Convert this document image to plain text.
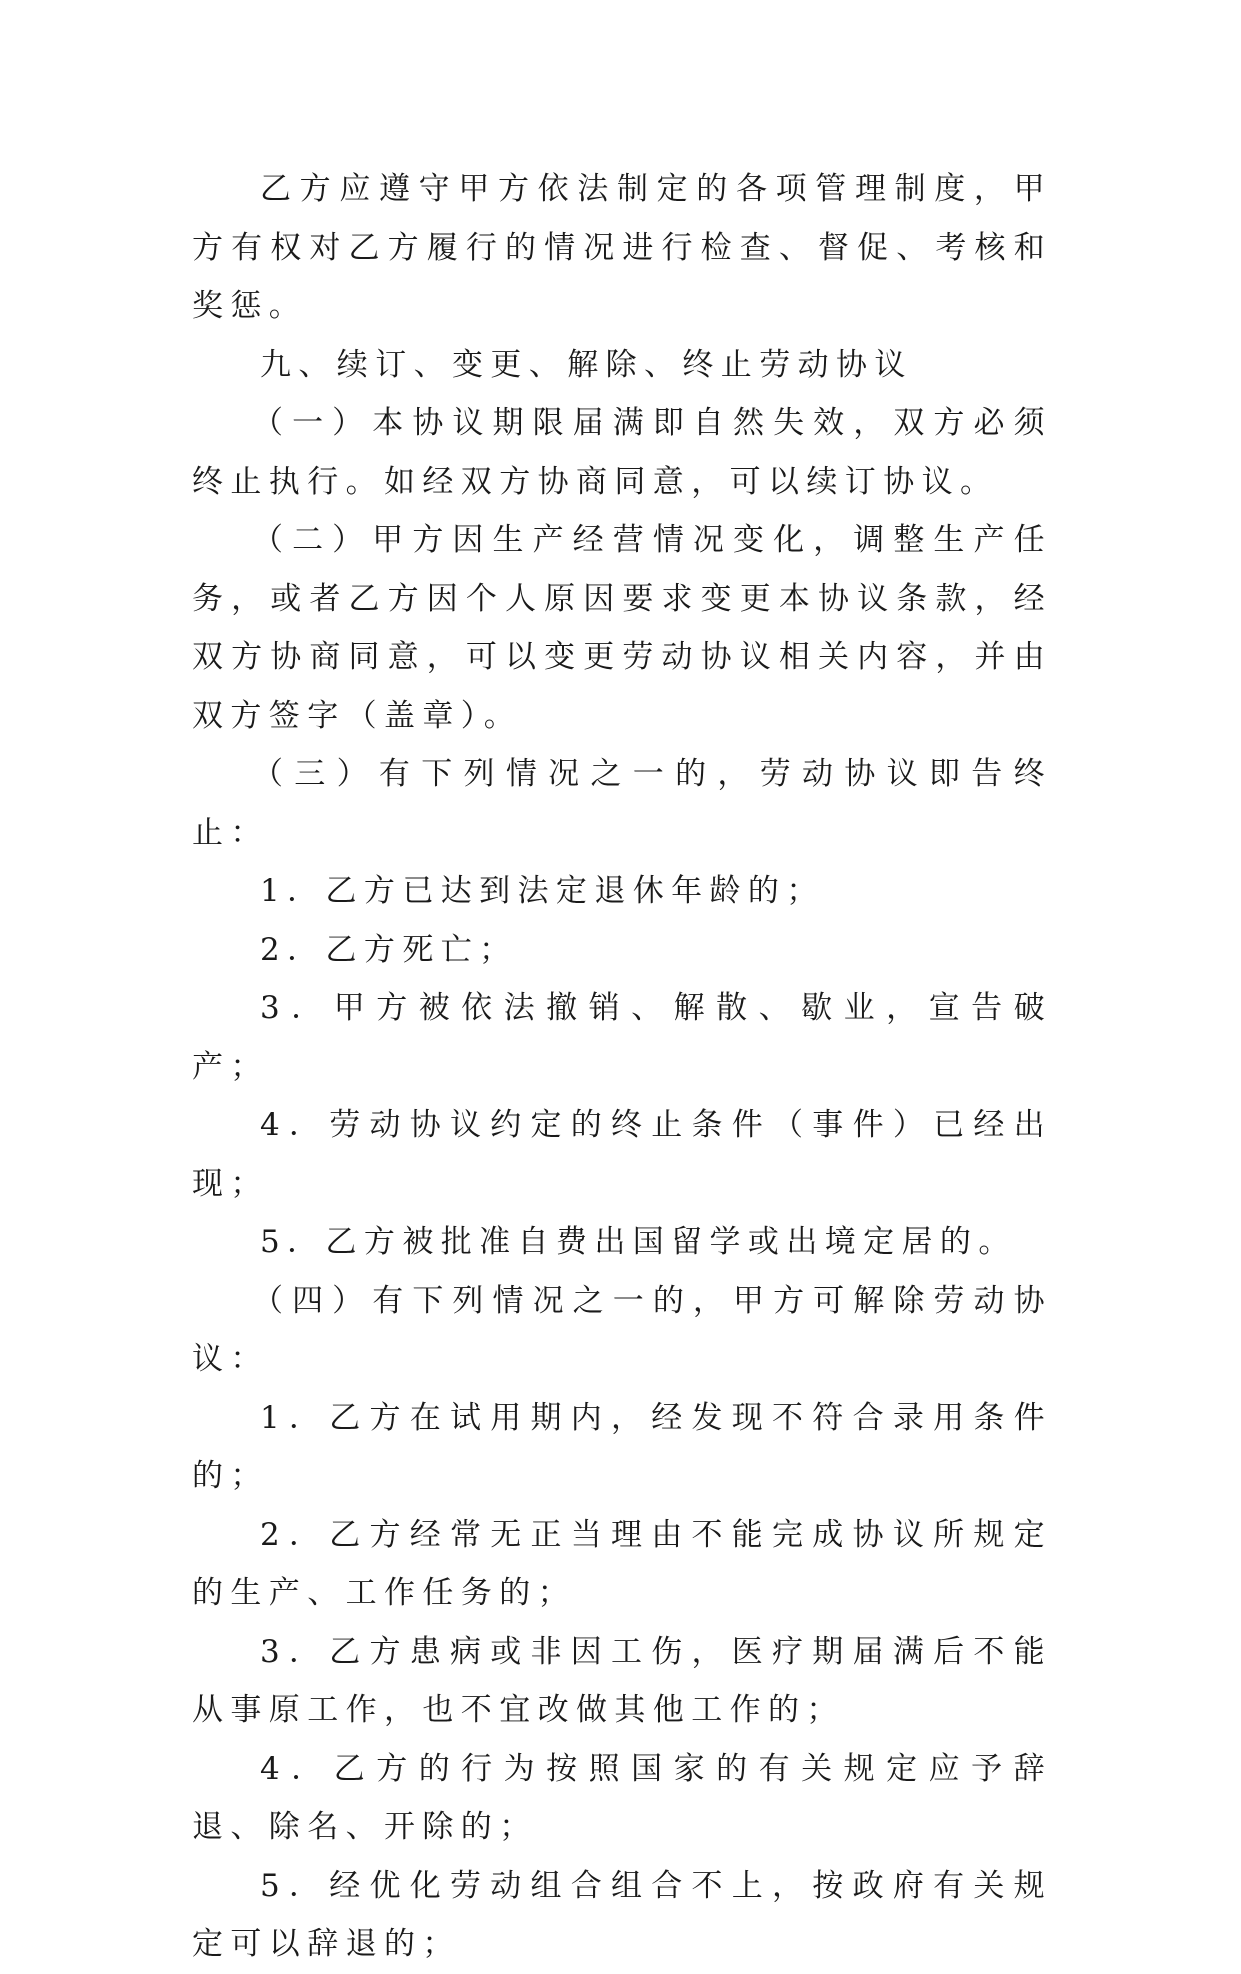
乙方应遵守甲方依法制定的各项管理制度，甲方有权对乙方履行的情况进行检查、督促、考核和奖惩。

九、续订、变更、解除、终止劳动协议

（一）本协议期限届满即自然失效，双方必须终止执行。如经双方协商同意，可以续订协议。

（二）甲方因生产经营情况变化，调整生产任务，或者乙方因个人原因要求变更本协议条款，经双方协商同意，可以变更劳动协议相关内容，并由双方签字（盖章）。

（三）有下列情况之一的，劳动协议即告终止：

1．乙方已达到法定退休年龄的；

2．乙方死亡；

3．甲方被依法撤销、解散、歇业，宣告破产；

4．劳动协议约定的终止条件（事件）已经出现；

5．乙方被批准自费出国留学或出境定居的。

（四）有下列情况之一的，甲方可解除劳动协议：

1．乙方在试用期内，经发现不符合录用条件的；

2．乙方经常无正当理由不能完成协议所规定的生产、工作任务的；

3．乙方患病或非因工伤，医疗期届满后不能从事原工作，也不宜改做其他工作的；

4．乙方的行为按照国家的有关规定应予辞退、除名、开除的；

5．经优化劳动组合组合不上，按政府有关规定可以辞退的；
